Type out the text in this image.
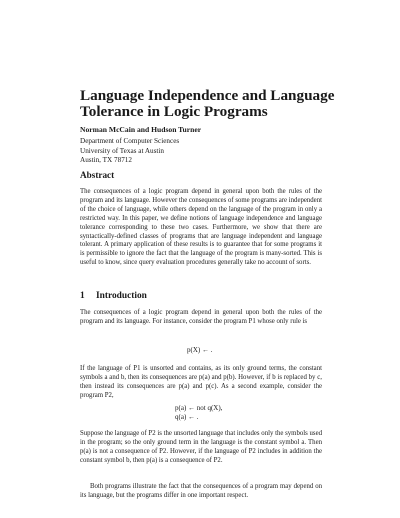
Language Independence and Language Tolerance in Logic Programs
Norman McCain and Hudson Turner
Department of Computer Sciences
University of Texas at Austin
Austin, TX 78712
Abstract

The consequences of a logic program depend in general upon both the rules of the program and its language. However the consequences of some programs are independent of the choice of language, while others depend on the language of the program in only a restricted way. In this paper, we define notions of language independence and language tolerance corresponding to these two cases. Furthermore, we show that there are syntactically-defined classes of programs that are language independent and language tolerant. A primary application of these results is to guarantee that for some programs it is permissible to ignore the fact that the language of the program is many-sorted. This is useful to know, since query evaluation procedures generally take no account of sorts.

1 Introduction

The consequences of a logic program depend in general upon both the rules of the program and its language. For instance, consider the program P1 whose only rule is

p(X) ← .

If the language of P1 is unsorted and contains, as its only ground terms, the constant symbols a and b, then its consequences are p(a) and p(b). However, if b is replaced by c, then instead its consequences are p(a) and p(c). As a second example, consider the program P2,

p(a) ← not q(X),
q(a) ← .

Suppose the language of P2 is the unsorted language that includes only the symbols used in the program; so the only ground term in the language is the constant symbol a. Then p(a) is not a consequence of P2. However, if the language of P2 includes in addition the constant symbol b, then p(a) is a consequence of P2.

Both programs illustrate the fact that the consequences of a program may depend on its language, but the programs differ in one important respect.
